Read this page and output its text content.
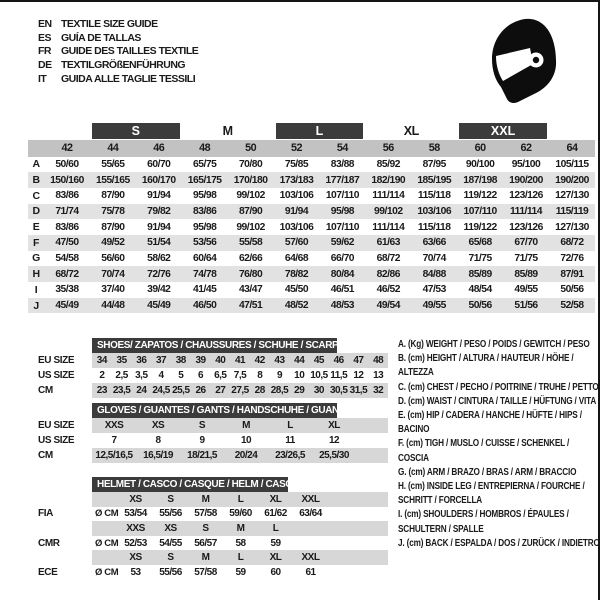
EN TEXTILE SIZE GUIDE
ES GUÍA DE TALLAS
FR GUIDE DES TAILLES TEXTILE
DE TEXTILGRÖßENFÜHRUNG
IT	GUIDA ALLE TAGLIE TESSILI

		S		M		L		XL		XXL		

	42	44	46	48	50	52	54	56	58	60	62	64
A	50/60	55/65	60/70	65/75	70/80	75/85	83/88	85/92	87/95	90/100	95/100	105/115
B	150/160	155/165	160/170	165/175	170/180	173/183	177/187	182/190	185/195	187/198	190/200	190/200
C	83/86	87/90	91/94	95/98	99/102	103/106	107/110	111/114	115/118	119/122	123/126	127/130
D	71/74	75/78	79/82	83/86	87/90	91/94	95/98	99/102	103/106	107/110	111/114	115/119
E	83/86	87/90	91/94	95/98	99/102	103/106	107/110	111/114	115/118	119/122	123/126	127/130
F	47/50	49/52	51/54	53/56	55/58	57/60	59/62	61/63	63/66	65/68	67/70	68/72
G	54/58	56/60	58/62	60/64	62/66	64/68	66/70	68/72	70/74	71/75	71/75	72/76
H	68/72	70/74	72/76	74/78	76/80	78/82	80/84	82/86	84/88	85/89	85/89	87/91
I	35/38	37/40	39/42	41/45	43/47	45/50	46/51	46/52	47/53	48/54	49/55	50/56
J	45/49	44/48	45/49	46/50	47/51	48/52	48/53	49/54	49/55	50/56	51/56	52/58
SHOES/ ZAPATOS / CHAUSSURES / SCHUHE / SCARPE
EU SIZE	34 35 36 37 38 39 40 41 42 43 44 45 46 47 48
US SIZE	2	2,5 3,5	4	5	6	6,5 7,5	8	9	10 10,5 11,5 12 13
CM	23 23,5 24 24,5 25,5 26 27 27,5 28 28,5 29 30 30,5 31,5 32
GLOVES / GUANTES / GANTS / HANDSCHUHE / GUANTI
EU SIZE	XXS	XS	S	M	L	XL
US SIZE	7	8	9	10	11	12
CM	12,5/16,5	16,5/19	18/21,5	20/24	23/26,5	25,5/30
HELMET / CASCO / CASQUE / HELM / CASCO
XS	S	M	L	XL	XXL
FIA	Ø CM 53/54	55/56	57/58	59/60	61/62	63/64
XXS	XS	S	M	L
CMR	Ø CM 52/53	54/55	56/57	58	59
XS	S	M	L	XL	XXL
ECE	Ø CM	53	55/56	57/58	59	60	61
A. (Kg) WEIGHT / PESO / POIDS / GEWITCH / PESO
B. (cm) HEIGHT / ALTURA / HAUTEUR / HÖHE / ALTEZZA
C. (cm) CHEST / PECHO / POITRINE / TRUHE / PETTO
D. (cm) WAIST / CINTURA / TAILLE / HÜFTUNG / VITA
E. (cm) HIP / CADERA / HANCHE / HÜFTE / HIPS / BACINO
F. (cm) TIGH / MUSLO / CUISSE / SCHENKEL / COSCIA
G. (cm) ARM / BRAZO / BRAS / ARM / BRACCIO
H. (cm) INSIDE LEG / ENTREPIERNA / FOURCHE / SCHRITT / FORCELLA
I. (cm) SHOULDERS / HOMBROS / ÉPAULES / SCHULTERN / SPALLE
J. (cm) BACK / ESPALDA / DOS / ZURÜCK / INDIETRO
